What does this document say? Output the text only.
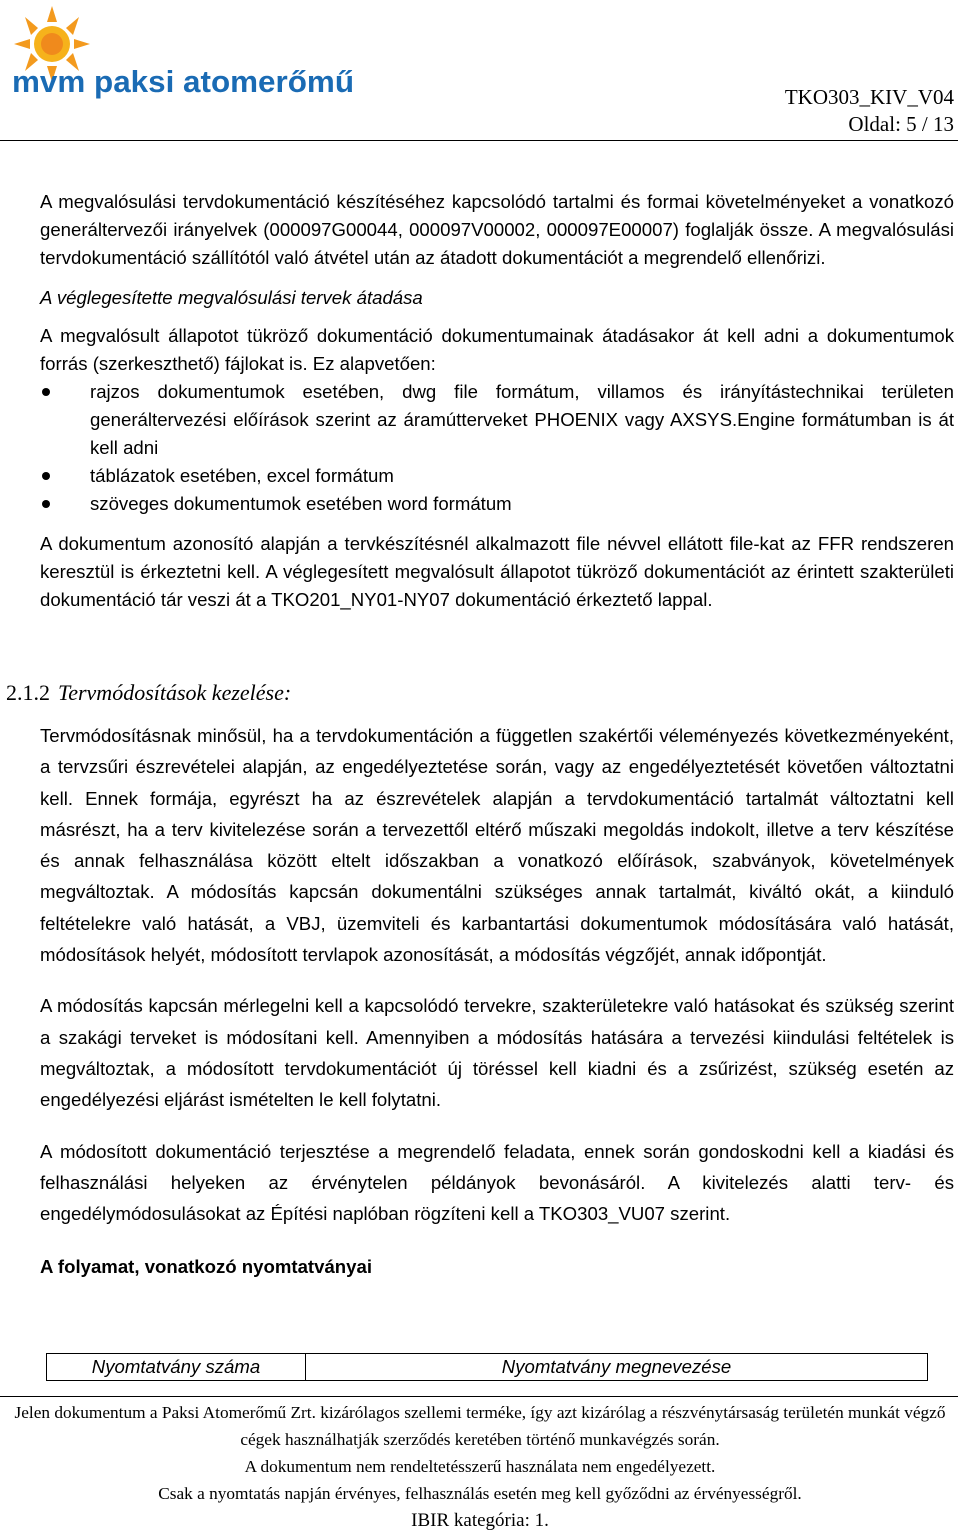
mvm paksi atomerőmű	TKO303_KIV_V04
Oldal: 5 / 13

A megvalósulási tervdokumentáció készítéséhez kapcsolódó tartalmi és formai követelményeket a vonatkozó generáltervezői irányelvek (000097G00044, 000097V00002, 000097E00007) foglalják össze. A megvalósulási tervdokumentáció szállítótól való átvétel után az átadott dokumentációt a megrendelő ellenőrizi.

A véglegesítette megvalósulási tervek átadása

A megvalósult állapotot tükröző dokumentáció dokumentumainak átadásakor át kell adni a dokumentumok forrás (szerkeszthető) fájlokat is. Ez alapvetően:

rajzos dokumentumok esetében, dwg file formátum, villamos és irányítástechnikai területen generáltervezési előírások szerint az áramútterveket PHOENIX vagy AXSYS.Engine formátumban is át kell adni
táblázatok esetében, excel formátum
szöveges dokumentumok esetében word formátum

A dokumentum azonosító alapján a tervkészítésnél alkalmazott file névvel ellátott file-kat az FFR rendszeren keresztül is érkeztetni kell. A véglegesített megvalósult állapotot tükröző dokumentációt az érintett szakterületi dokumentáció tár veszi át a TKO201_NY01-NY07 dokumentáció érkeztető lappal.

2.1.2 Tervmódosítások kezelése:

Tervmódosításnak minősül, ha a tervdokumentáción a független szakértői véleményezés következményeként, a tervzsűri észrevételei alapján, az engedélyeztetése során, vagy az engedélyeztetését követően változtatni kell. Ennek formája, egyrészt ha az észrevételek alapján a tervdokumentáció tartalmát változtatni kell másrészt, ha a terv kivitelezése során a tervezettől eltérő műszaki megoldás indokolt, illetve a terv készítése és annak felhasználása között eltelt időszakban a vonatkozó előírások, szabványok, követelmények megváltoztak. A módosítás kapcsán dokumentálni szükséges annak tartalmát, kiváltó okát, a kiinduló feltételekre való hatását, a VBJ, üzemviteli és karbantartási dokumentumok módosítására való hatását, módosítások helyét, módosított tervlapok azonosítását, a módosítás végzőjét, annak időpontját.

A módosítás kapcsán mérlegelni kell a kapcsolódó tervekre, szakterületekre való hatásokat és szükség szerint a szakági terveket is módosítani kell. Amennyiben a módosítás hatására a tervezési kiindulási feltételek is megváltoztak, a módosított tervdokumentációt új töréssel kell kiadni és a zsűrizést, szükség esetén az engedélyezési eljárást ismételten le kell folytatni.

A módosított dokumentáció terjesztése a megrendelő feladata, ennek során gondoskodni kell a kiadási és felhasználási helyeken az érvénytelen példányok bevonásáról. A kivitelezés alatti terv- és engedélymódosulásokat az Építési naplóban rögzíteni kell a TKO303_VU07 szerint.

A folyamat, vonatkozó nyomtatványai

Nyomtatvány száma	Nyomtatvány megnevezése
Jelen dokumentum a Paksi Atomerőmű Zrt. kizárólagos szellemi terméke, így azt kizárólag a részvénytársaság területén munkát végző cégek használhatják szerződés keretében történő munkavégzés során.
A dokumentum nem rendeltetésszerű használata nem engedélyezett.
Csak a nyomtatás napján érvényes, felhasználás esetén meg kell győződni az érvényességről.
IBIR kategória: 1.
